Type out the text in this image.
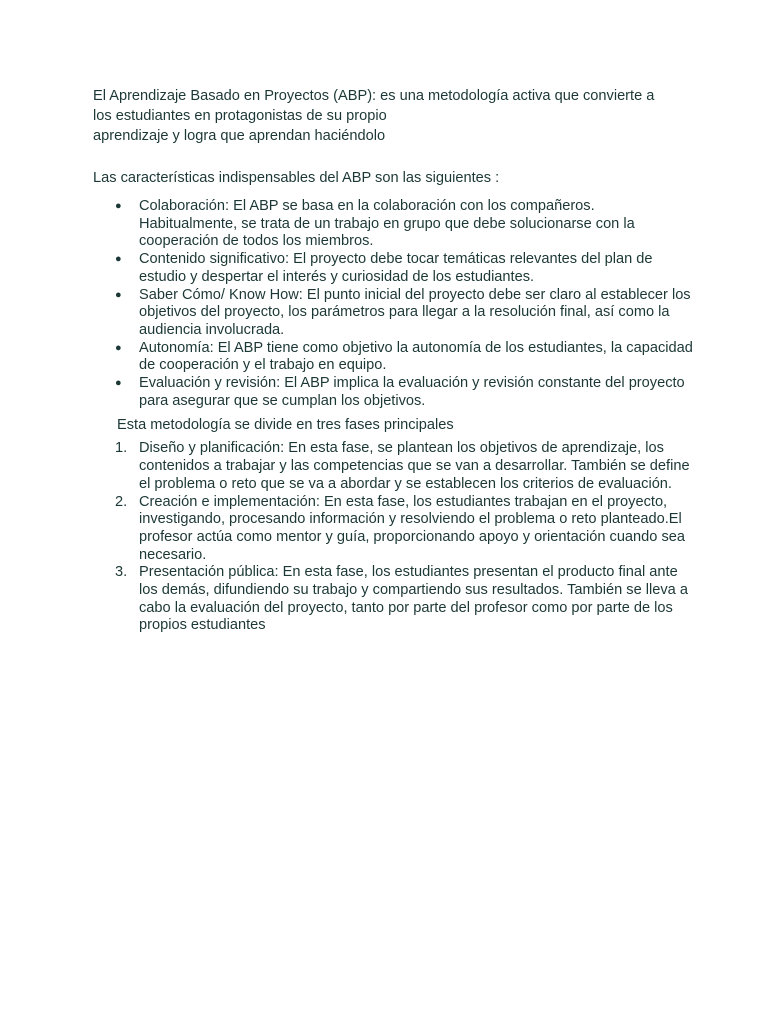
El Aprendizaje Basado en Proyectos (ABP): es una metodología activa que convierte a

los estudiantes en protagonistas de su propio

aprendizaje y logra que aprendan haciéndolo

Las características indispensables del ABP son las siguientes :

● Colaboración: El ABP se basa en la colaboración con los compañeros. Habitualmente, se trata de un trabajo en grupo que debe solucionarse con la cooperación de todos los miembros.
● Contenido significativo: El proyecto debe tocar temáticas relevantes del plan de estudio y despertar el interés y curiosidad de los estudiantes.
● Saber Cómo/ Know How: El punto inicial del proyecto debe ser claro al establecer los objetivos del proyecto, los parámetros para llegar a la resolución final, así como la audiencia involucrada.
● Autonomía: El ABP tiene como objetivo la autonomía de los estudiantes, la capacidad de cooperación y el trabajo en equipo.
● Evaluación y revisión: El ABP implica la evaluación y revisión constante del proyecto para asegurar que se cumplan los objetivos.

Esta metodología se divide en tres fases principales

1. Diseño y planificación: En esta fase, se plantean los objetivos de aprendizaje, los contenidos a trabajar y las competencias que se van a desarrollar. También se define el problema o reto que se va a abordar y se establecen los criterios de evaluación.
2. Creación e implementación: En esta fase, los estudiantes trabajan en el proyecto, investigando, procesando información y resolviendo el problema o reto planteado.El profesor actúa como mentor y guía, proporcionando apoyo y orientación cuando sea necesario.
3. Presentación pública: En esta fase, los estudiantes presentan el producto final ante los demás, difundiendo su trabajo y compartiendo sus resultados. También se lleva a cabo la evaluación del proyecto, tanto por parte del profesor como por parte de los propios estudiantes
